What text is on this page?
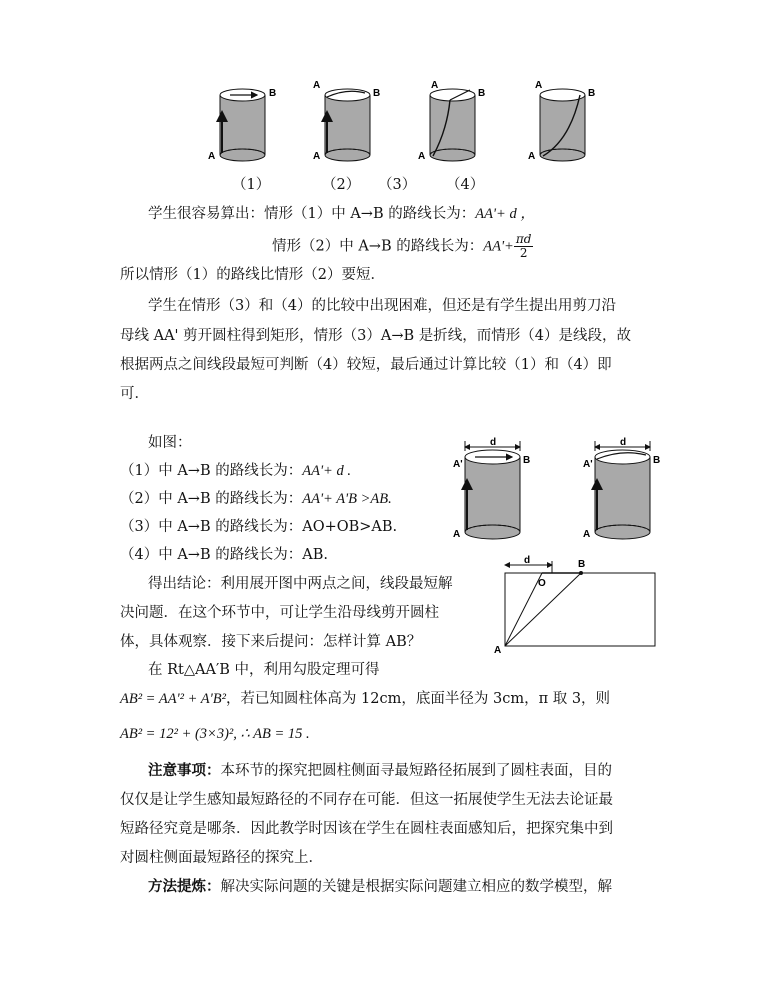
A
B
A
A
B
A
A
B
A
A
B
（1）	（2） （3） （4）
学生很容易算出：情形（1）中 A→B 的路线长为：AA'+ d ，
情形（2）中 A→B 的路线长为：$AA'+ \frac{\pi d}{2}$
所以情形（1）的路线比情形（2）要短．
学生在情形（3）和（4）的比较中出现困难，但还是有学生提出用剪刀沿
母线 AA' 剪开圆柱得到矩形，情形（3）A→B 是折线，而情形（4）是线段，故
根据两点之间线段最短可判断（4）较短，最后通过计算比较（1）和（4）即
可．
如图：
（1）中 A→B 的路线长为：AA'+ d .
（2）中 A→B 的路线长为：AA'+ A'B >AB.
（3）中 A→B 的路线长为：AO+OB>AB.
（4）中 A→B 的路线长为：AB.
得出结论：利用展开图中两点之间，线段最短解
决问题．在这个环节中，可让学生沿母线剪开圆柱
体，具体观察．接下来后提问：怎样计算 AB？
在 Rt△AA′B 中，利用勾股定理可得
d	d
A'	B
A
A'	B
A
d
O
B
A
AB² = AA'² + A'B²，若已知圆柱体高为 12cm，底面半径为 3cm，π 取 3，则
AB² = 12² + (3×3)², ∴ AB = 15 .
注意事项：本环节的探究把圆柱侧面寻最短路径拓展到了圆柱表面，目的
仅仅是让学生感知最短路径的不同存在可能．但这一拓展使学生无法去论证最
短路径究竟是哪条．因此教学时因该在学生在圆柱表面感知后，把探究集中到
对圆柱侧面最短路径的探究上．
方法提炼：解决实际问题的关键是根据实际问题建立相应的数学模型，解
